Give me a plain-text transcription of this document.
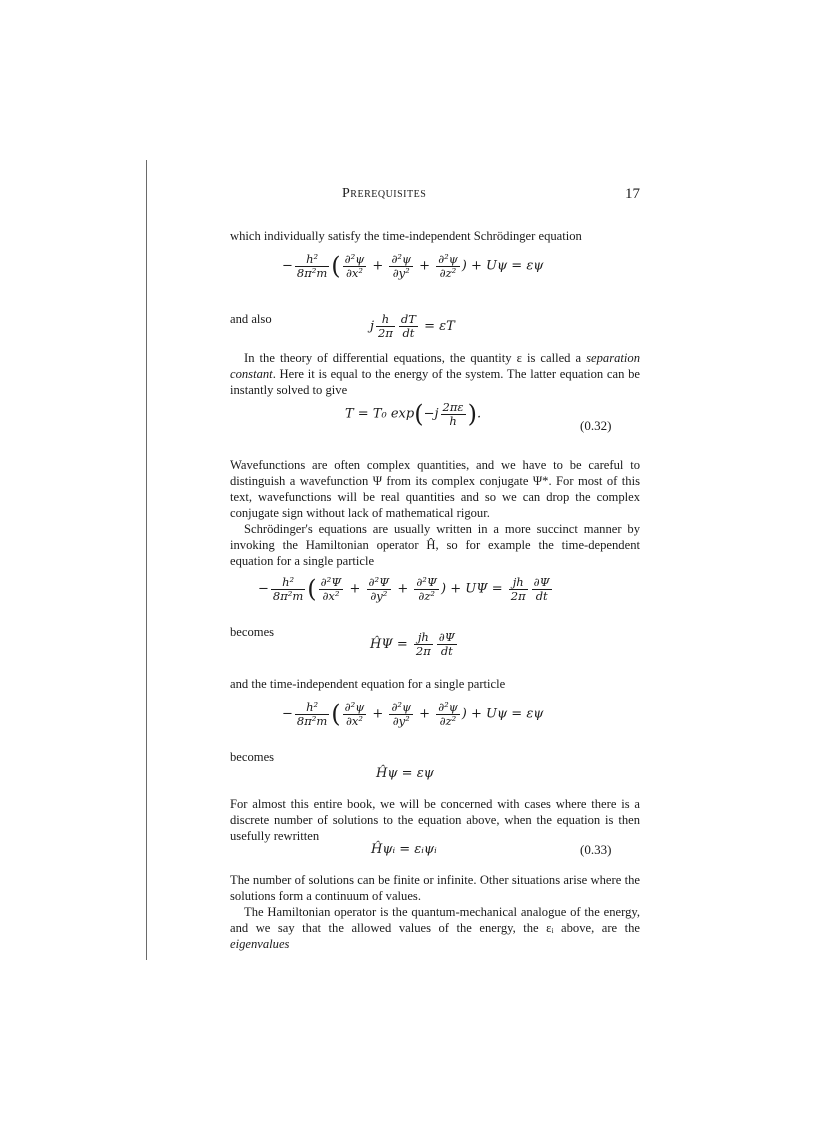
Prerequisites	17
which individually satisfy the time-independent Schrödinger equation
− $\frac{\text{h²}}{\text{8π²m}}$ ( $\frac{\text{∂²ψ}}{\text{∂x²}} + \frac{\text{∂²ψ}}{\text{∂y²}} + \frac{\text{∂²ψ}}{\text{∂z²}}$ ) + Uψ = εψ
and also	j $\frac{h}{2\pi} \frac{dT}{dt} = \varepsilon T$
In the theory of differential equations, the quantity ε is called a separation constant. Here it is equal to the energy of the system. The latter equation can be instantly solved to give
T = T₀ $\exp(-j \frac{2\pi\varepsilon}{h}$ ).
(0.32)
Wavefunctions are often complex quantities, and we have to be careful to distinguish a wavefunction Ψ from its complex conjugate Ψ*. For most of this text, wavefunctions will be real quantities and so we can drop the complex conjugate sign without lack of mathematical rigour.
Schrödinger's equations are usually written in a more succinct manner by invoking the Hamiltonian operator Ĥ, so for example the time-dependent equation for a single particle
− $\frac{\text{h²}}{\text{8π²m}}$ ( $\frac{\text{∂²Ψ}}{\text{∂x²}} + \frac{\text{∂²Ψ}}{\text{∂y²}} + \frac{\text{∂²Ψ}}{\text{∂z²}}$ ) + $U\Psi = \frac{jh}{2\pi} \frac{\partial\Psi}{dt}$
becomes
ĤΨ = $\frac{jh}{2\pi} \frac{\partial\Psi}{dt}$
and the time-independent equation for a single particle
− $\frac{\text{h²}}{\text{8π²m}}$ ( $\frac{\text{∂²ψ}}{\text{∂x²}} + \frac{\text{∂²ψ}}{\text{∂y²}} + \frac{\text{∂²ψ}}{\text{∂z²}}$ ) + Uψ = εψ
becomes
Ĥψ = εψ
For almost this entire book, we will be concerned with cases where there is a discrete number of solutions to the equation above, when the equation is then usefully rewritten
Ĥψᵢ = εᵢψᵢ	(0.33)
The number of solutions can be finite or infinite. Other situations arise where the solutions form a continuum of values.
The Hamiltonian operator is the quantum-mechanical analogue of the energy, and we say that the allowed values of the energy, the εᵢ above, are the eigenvalues
